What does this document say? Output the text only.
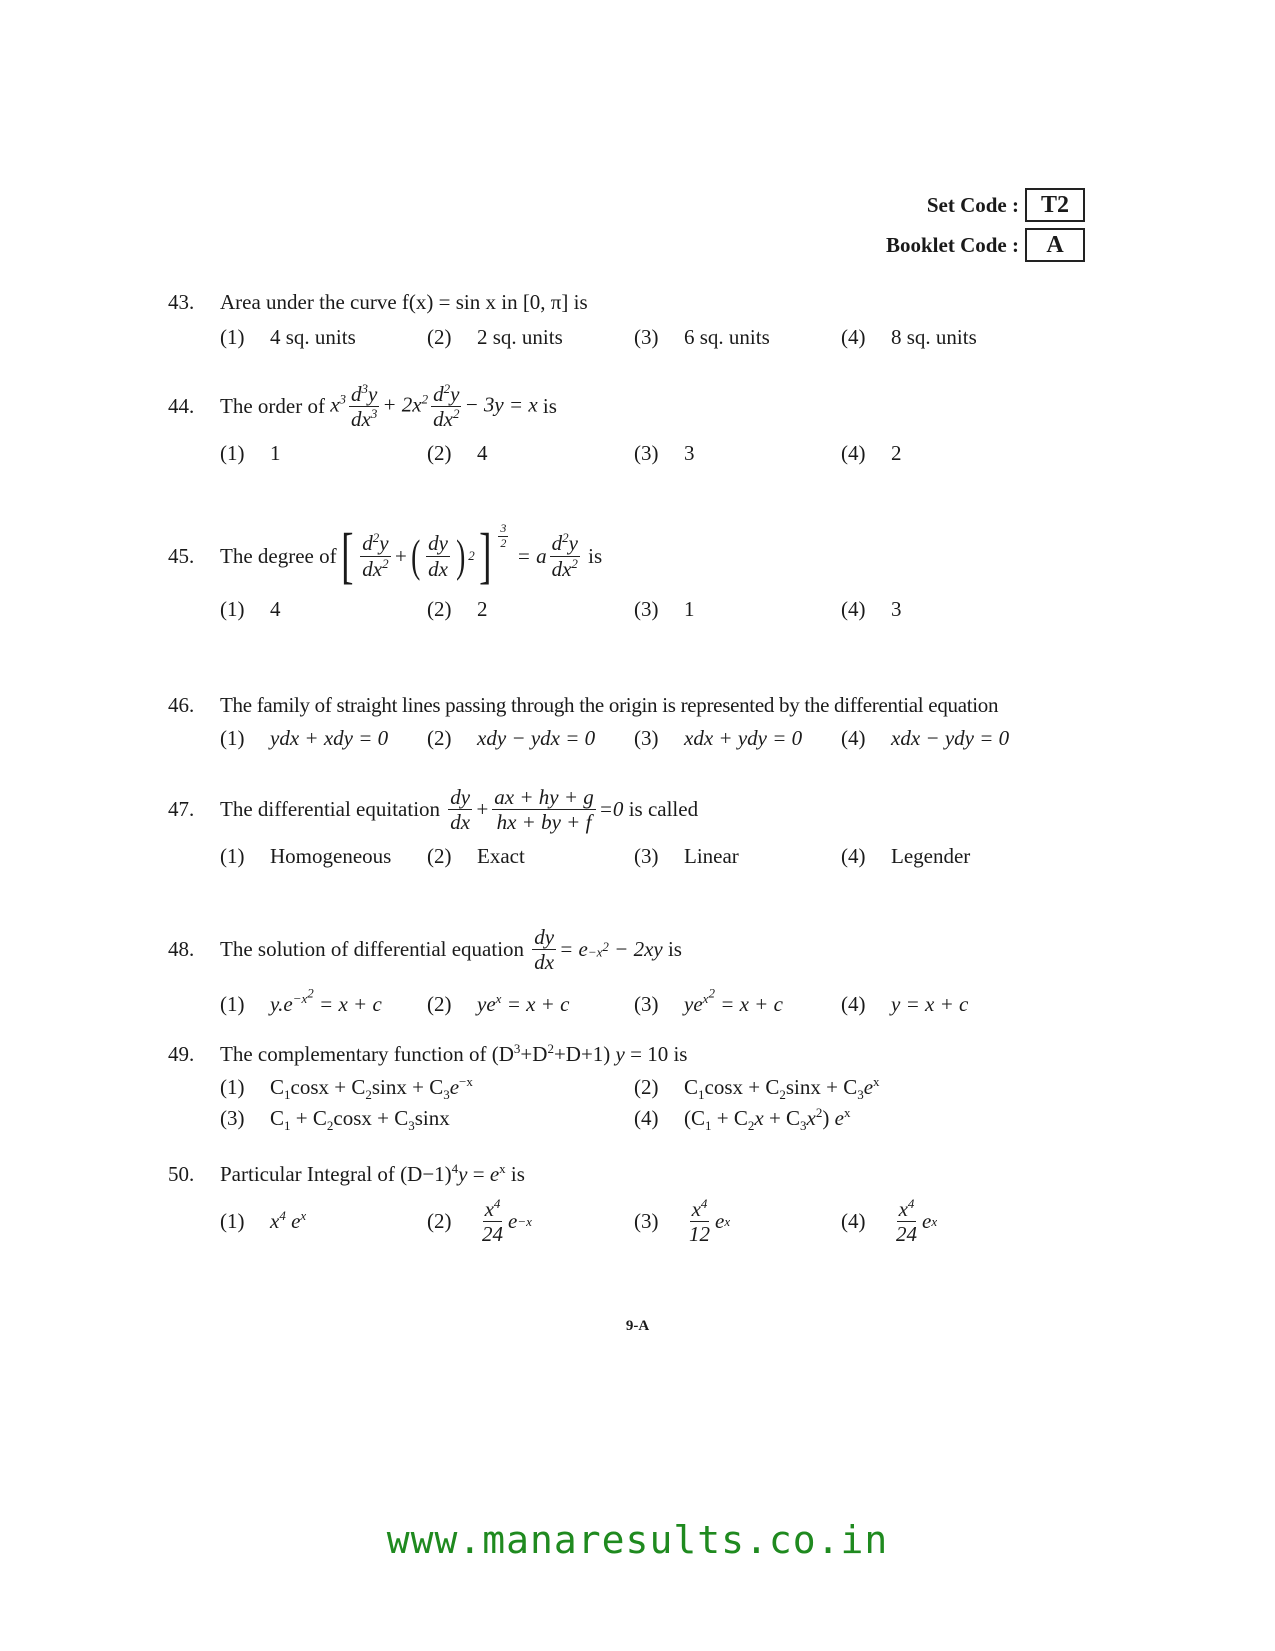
Set Code : T2
Booklet Code :	A
43.	Area under the curve f(x) = sin x in [0, π] is
(1)	4 sq. units	(2)	2 sq. units	(3)	6 sq. units	(4)	8 sq. units
44.	The order of
$x^3 \frac{d^3y}{dx^3} + 2x^2 \frac{d^2y}{dx^2} - 3y = x$
is
(1)	1	(2)	4	(3)	3	(4)	2
45.	The degree of [ $\frac{d^2y}{dx^2}$ + ( $\frac{dy}{dx}$ ) 2 ] $^{\frac{3}{2}}$
= a $\frac{d^2y}{dx^2}$
is
(1)	4	(2)	2	(3)	1	(4)	3
46.	The family of straight lines passing through the origin is represented by the differential equation
(1)	ydx + xdy = 0 (2)	xdy − ydx = 0 (3)	xdx + ydy = 0 (4)	xdx − ydy = 0
47.	The differential equitation
$\frac{dy}{dx} + \frac{ax + hy + g}{hx + by + f} =0$
is called
(1)	Homogeneous (2)	Exact	(3)	Linear	(4)	Legender
48.	The solution of differential equation
$\frac{dy}{dx} = e -x^2 - 2xy$
is
(1)	$y.e^{-x^2} = x + c$ (2)	$ye^x = x + c$	(3)	$ye^{x^2} = x + c$	(4)	y = x + c
49.	The complementary function of
$(D^3+D^2+D+1) y = 10$
is
(1)	$C_1\cos x + C_2\sin x + C_3e^{-x}$	(2)	$C_1\cos x + C_2\sin x + C_3e^x$
(3)	$C_1 + C_2\cos x + C_3\sin x$	(4)	$(C_1 + C_2x + C_3x^2)$ $e^x$
50.	Particular Integral of
$(D-1)^4y = e^x$
is
(1)	$x^4$ $e^x$	(2)	$\frac{x^4}{24}$ e −x	(3)	$\frac{x^4}{12}$ e x	(4)	$\frac{x^4}{24}$ e x
9-A
www.manaresults.co.in
